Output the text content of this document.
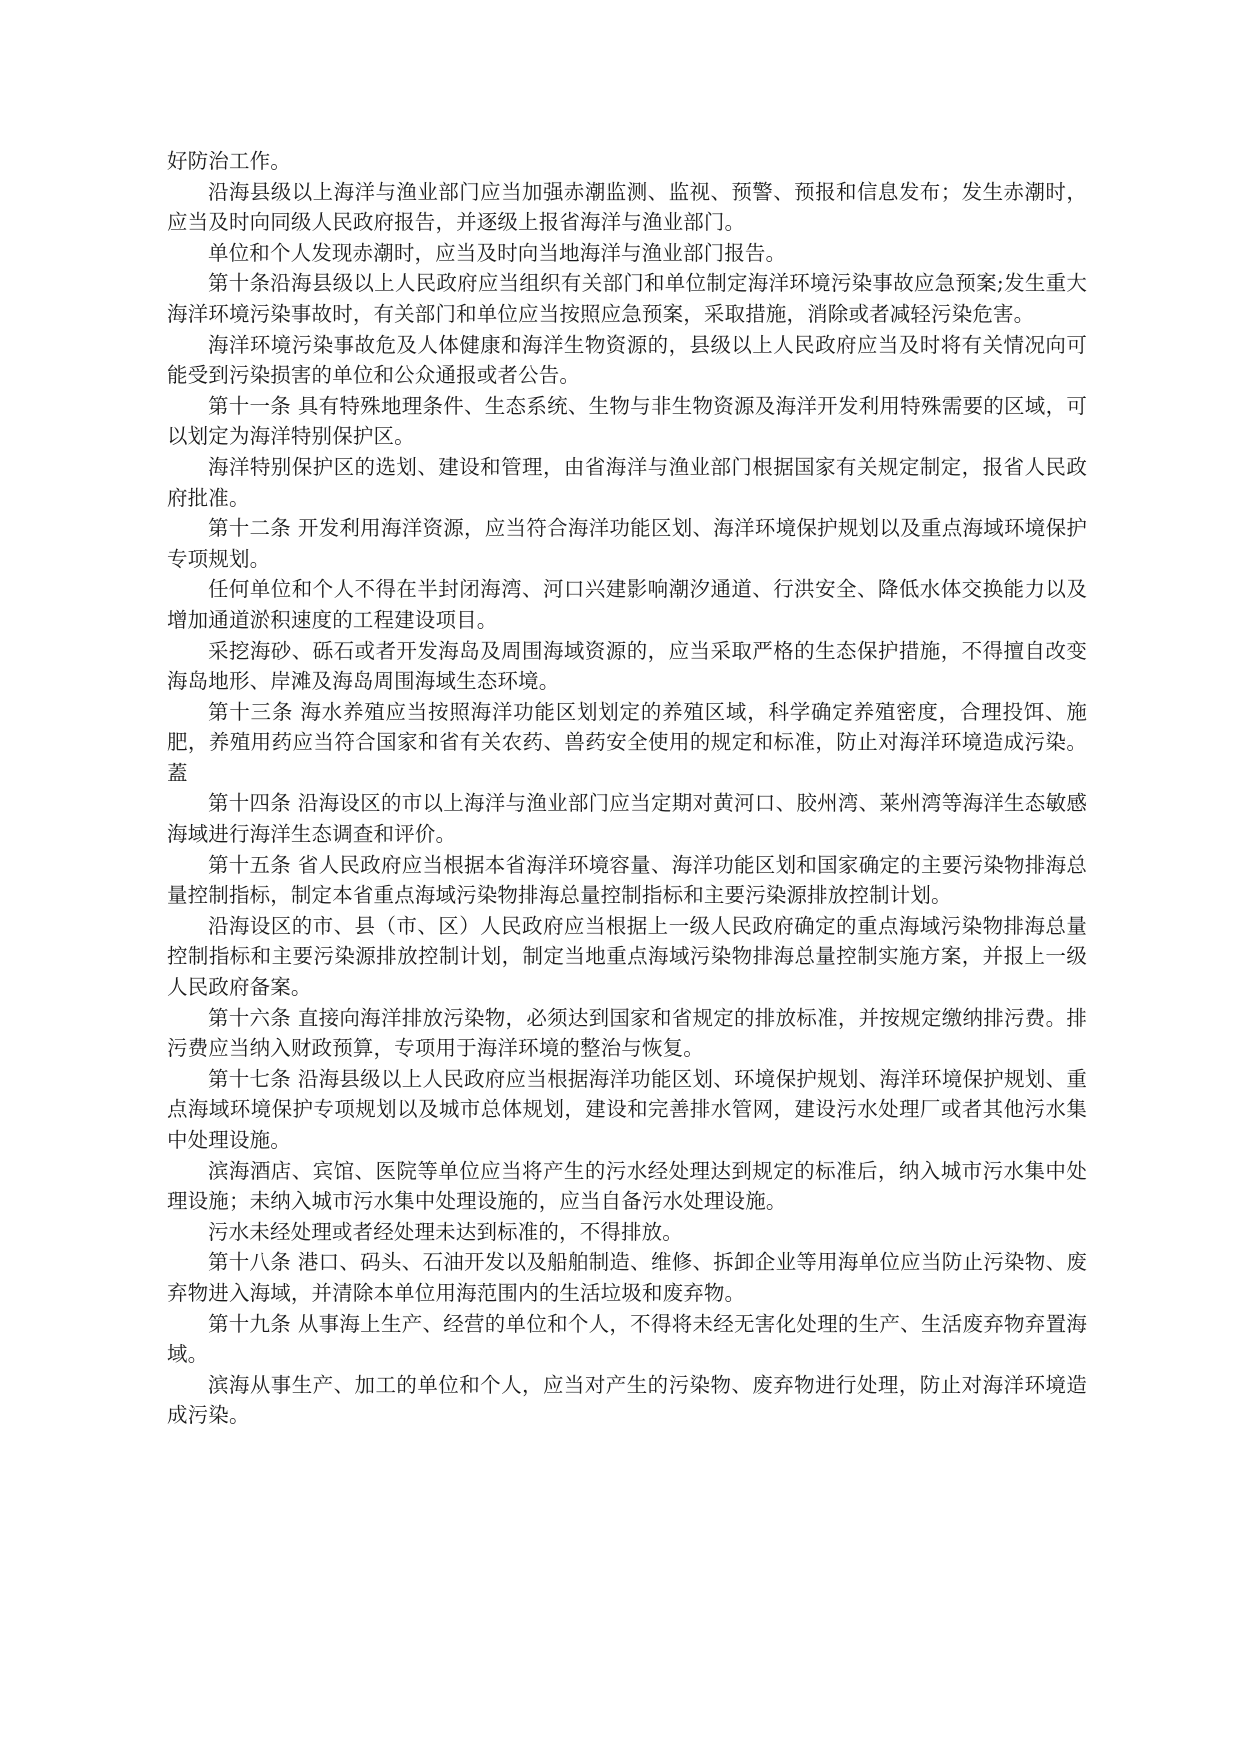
好防治工作。

沿海县级以上海洋与渔业部门应当加强赤潮监测、监视、预警、预报和信息发布；发生赤潮时，应当及时向同级人民政府报告，并逐级上报省海洋与渔业部门。

单位和个人发现赤潮时，应当及时向当地海洋与渔业部门报告。

第十条沿海县级以上人民政府应当组织有关部门和单位制定海洋环境污染事故应急预案;发生重大海洋环境污染事故时，有关部门和单位应当按照应急预案，采取措施，消除或者减轻污染危害。

海洋环境污染事故危及人体健康和海洋生物资源的，县级以上人民政府应当及时将有关情况向可能受到污染损害的单位和公众通报或者公告。

第十一条 具有特殊地理条件、生态系统、生物与非生物资源及海洋开发利用特殊需要的区域，可以划定为海洋特别保护区。

海洋特别保护区的选划、建设和管理，由省海洋与渔业部门根据国家有关规定制定，报省人民政府批准。

第十二条 开发利用海洋资源，应当符合海洋功能区划、海洋环境保护规划以及重点海域环境保护专项规划。

任何单位和个人不得在半封闭海湾、河口兴建影响潮汐通道、行洪安全、降低水体交换能力以及增加通道淤积速度的工程建设项目。

采挖海砂、砾石或者开发海岛及周围海域资源的，应当采取严格的生态保护措施，不得擅自改变海岛地形、岸滩及海岛周围海域生态环境。

第十三条 海水养殖应当按照海洋功能区划划定的养殖区域，科学确定养殖密度，合理投饵、施肥，养殖用药应当符合国家和省有关农药、兽药安全使用的规定和标准，防止对海洋环境造成污染。蓋

第十四条 沿海设区的市以上海洋与渔业部门应当定期对黄河口、胶州湾、莱州湾等海洋生态敏感海域进行海洋生态调查和评价。

第十五条 省人民政府应当根据本省海洋环境容量、海洋功能区划和国家确定的主要污染物排海总量控制指标，制定本省重点海域污染物排海总量控制指标和主要污染源排放控制计划。

沿海设区的市、县（市、区）人民政府应当根据上一级人民政府确定的重点海域污染物排海总量控制指标和主要污染源排放控制计划，制定当地重点海域污染物排海总量控制实施方案，并报上一级人民政府备案。

第十六条 直接向海洋排放污染物，必须达到国家和省规定的排放标准，并按规定缴纳排污费。排污费应当纳入财政预算，专项用于海洋环境的整治与恢复。

第十七条 沿海县级以上人民政府应当根据海洋功能区划、环境保护规划、海洋环境保护规划、重点海域环境保护专项规划以及城市总体规划，建设和完善排水管网，建设污水处理厂或者其他污水集中处理设施。

滨海酒店、宾馆、医院等单位应当将产生的污水经处理达到规定的标准后，纳入城市污水集中处理设施；未纳入城市污水集中处理设施的，应当自备污水处理设施。

污水未经处理或者经处理未达到标准的，不得排放。

第十八条 港口、码头、石油开发以及船舶制造、维修、拆卸企业等用海单位应当防止污染物、废弃物进入海域，并清除本单位用海范围内的生活垃圾和废弃物。

第十九条 从事海上生产、经营的单位和个人，不得将未经无害化处理的生产、生活废弃物弃置海域。

滨海从事生产、加工的单位和个人，应当对产生的污染物、废弃物进行处理，防止对海洋环境造成污染。
